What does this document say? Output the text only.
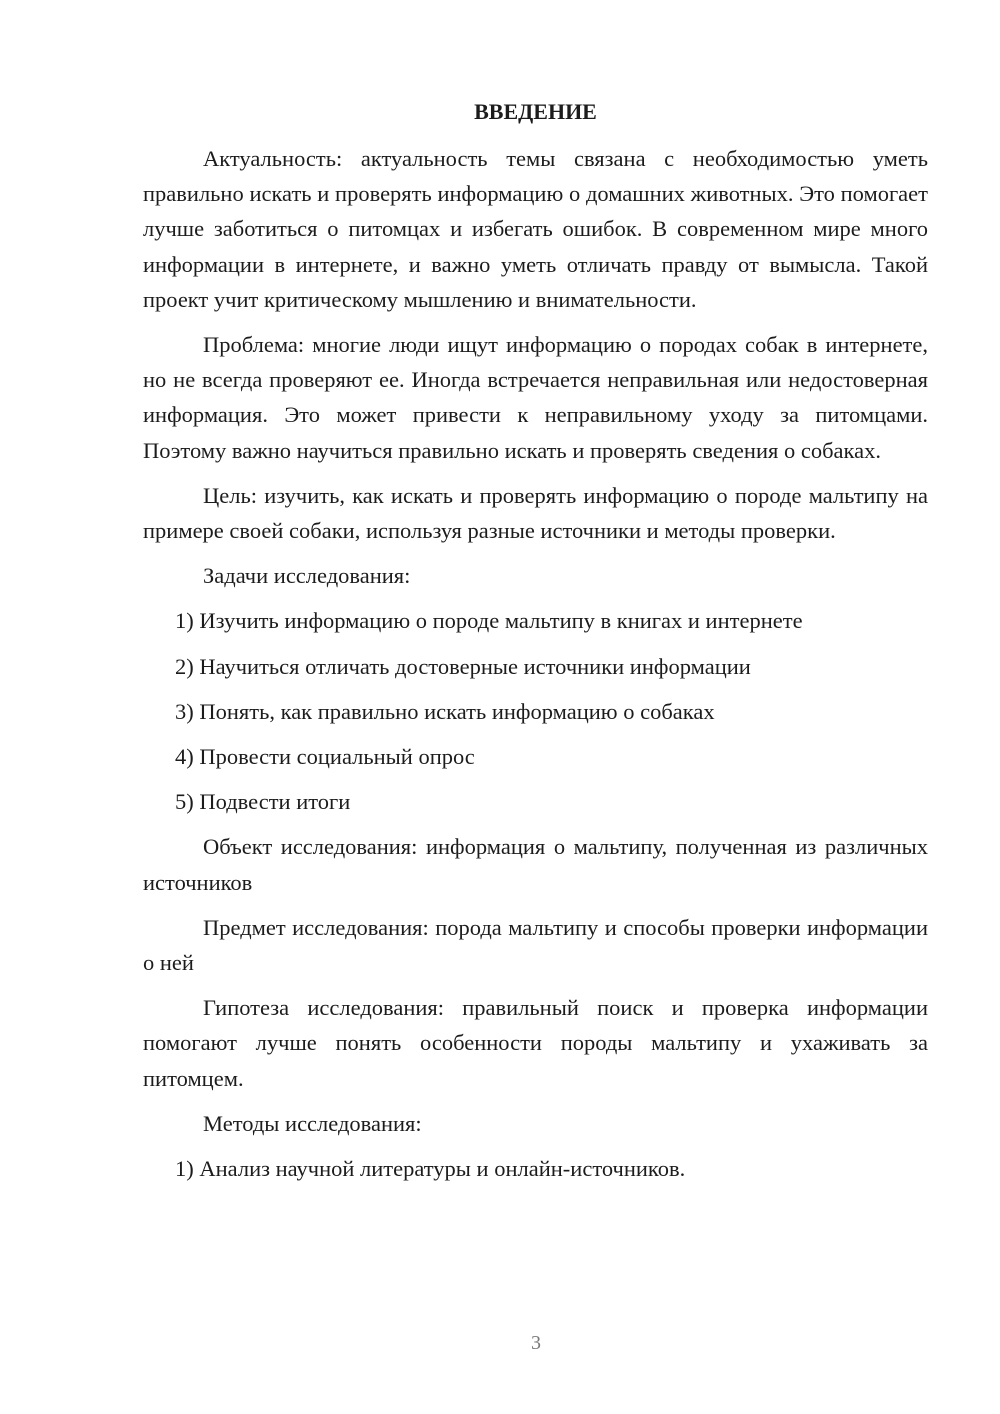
ВВЕДЕНИЕ

Актуальность: актуальность темы связана с необходимостью уметь правильно искать и проверять информацию о домашних животных. Это помогает лучше заботиться о питомцах и избегать ошибок. В современном мире много информации в интернете, и важно уметь отличать правду от вымысла. Такой проект учит критическому мышлению и внимательности.

Проблема: многие люди ищут информацию о породах собак в интернете, но не всегда проверяют ее. Иногда встречается неправильная или недостоверная информация. Это может привести к неправильному уходу за питомцами. Поэтому важно научиться правильно искать и проверять сведения о собаках.

Цель: изучить, как искать и проверять информацию о породе мальтипу на примере своей собаки, используя разные источники и методы проверки.

Задачи исследования:

1) Изучить информацию о породе мальтипу в книгах и интернете
2) Научиться отличать достоверные источники информации
3) Понять, как правильно искать информацию о собаках
4) Провести социальный опрос
5) Подвести итоги

Объект исследования: информация о мальтипу, полученная из различных источников

Предмет исследования: порода мальтипу и способы проверки информации о ней

Гипотеза исследования: правильный поиск и проверка информации помогают лучше понять особенности породы мальтипу и ухаживать за питомцем.

Методы исследования:

1) Анализ научной литературы и онлайн-источников.
3
